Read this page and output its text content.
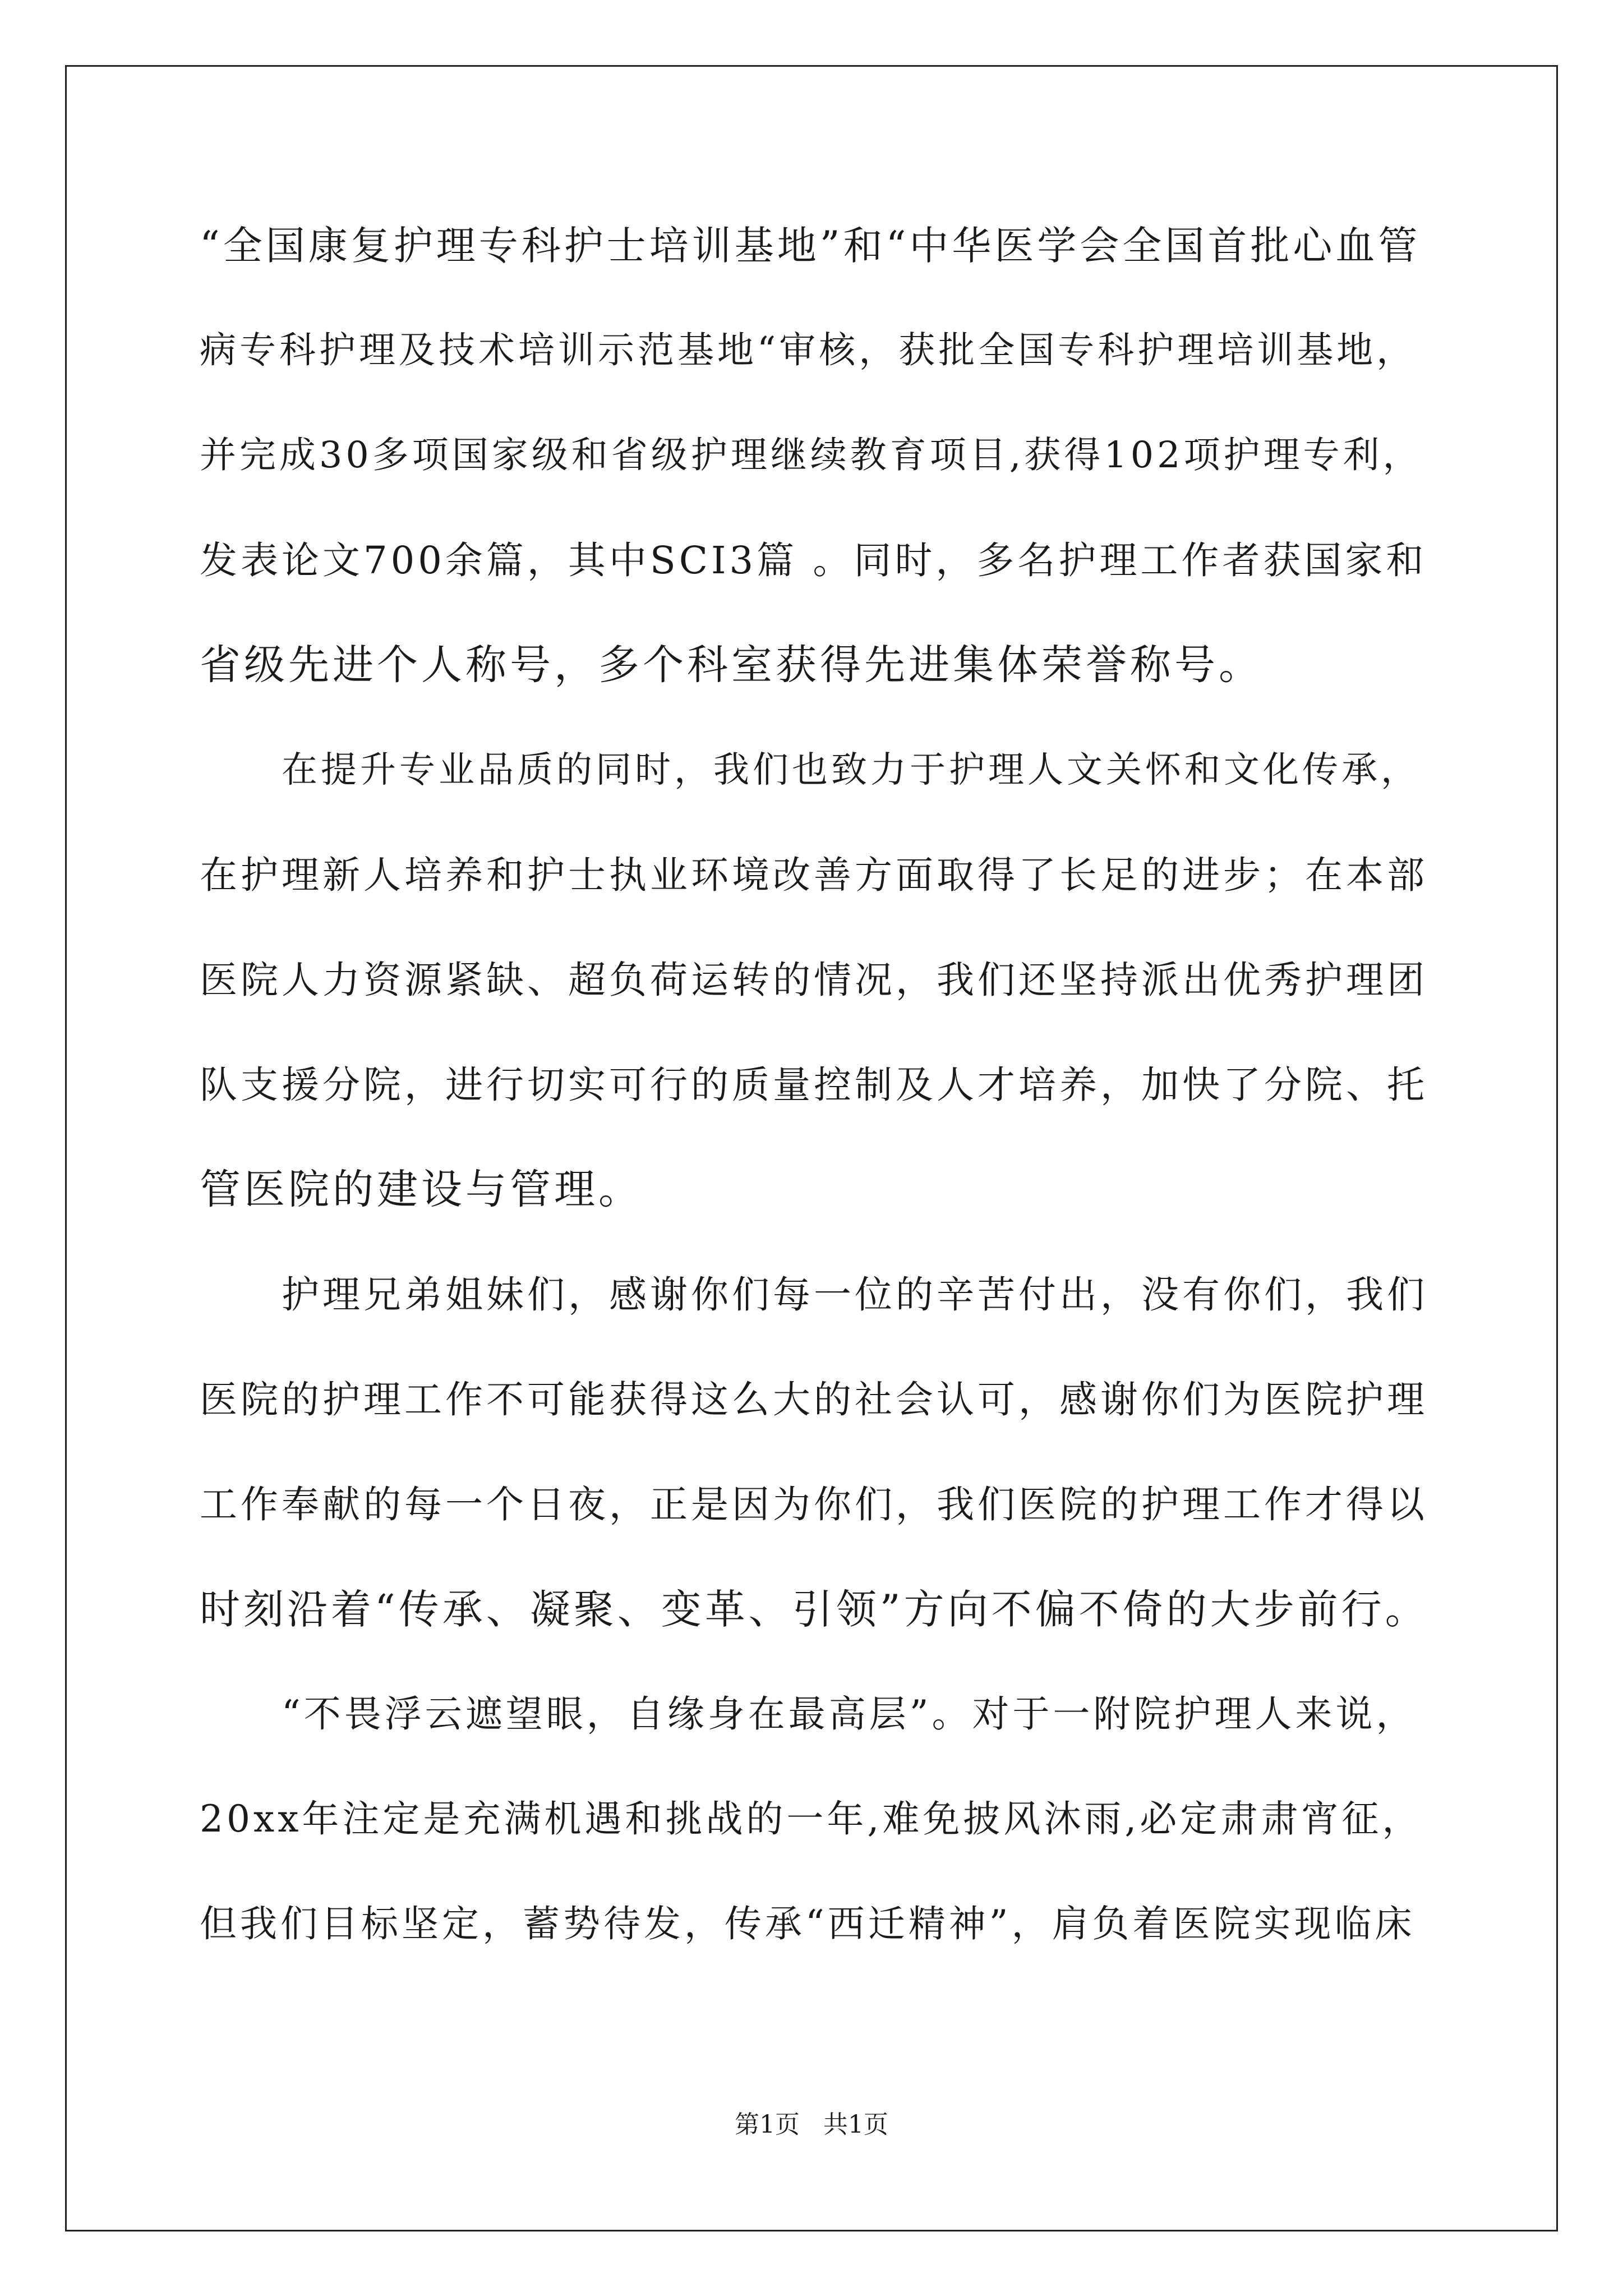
“全国康复护理专科护士培训基地”和“中华医学会全国首批心血管
病专科护理及技术培训示范基地“审核，获批全国专科护理培训基地，
并完成30多项国家级和省级护理继续教育项目,获得102项护理专利，
发表论文700余篇，其中SCI3篇 。同时，多名护理工作者获国家和
省级先进个人称号，多个科室获得先进集体荣誉称号。
在提升专业品质的同时，我们也致力于护理人文关怀和文化传承，
在护理新人培养和护士执业环境改善方面取得了长足的进步；在本部
医院人力资源紧缺、超负荷运转的情况，我们还坚持派出优秀护理团
队支援分院，进行切实可行的质量控制及人才培养，加快了分院、托
管医院的建设与管理。
护理兄弟姐妹们，感谢你们每一位的辛苦付出，没有你们，我们
医院的护理工作不可能获得这么大的社会认可，感谢你们为医院护理
工作奉献的每一个日夜，正是因为你们，我们医院的护理工作才得以
时刻沿着“传承、凝聚、变革、引领”方向不偏不倚的大步前行。
“不畏浮云遮望眼，自缘身在最高层”。对于一附院护理人来说，
20xx年注定是充满机遇和挑战的一年,难免披风沐雨,必定肃肃宵征，
但我们目标坚定，蓄势待发，传承“西迁精神”，肩负着医院实现临床
第1页   共1页
